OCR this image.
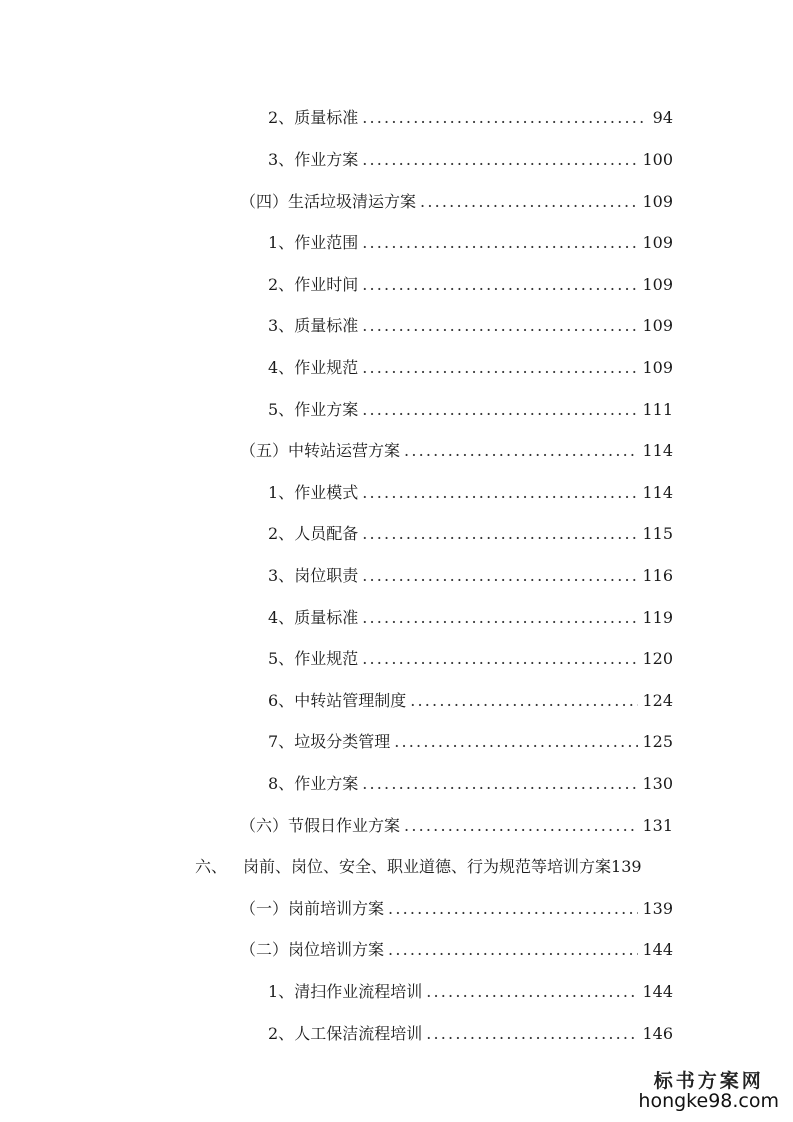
2、 质量标准 .....	94
3、 作业方案 .....	100
（四） 生活垃圾清运方案 .....	109
1、 作业范围 .....	109
2、 作业时间 .....	109
3、 质量标准 .....	109
4、 作业规范 .....	109
5、 作业方案 .....	111
（五） 中转站运营方案 .....	114
1、 作业模式 .....	114
2、 人员配备 .....	115
3、 岗位职责 .....	116
4、 质量标准 .....	119
5、 作业规范 .....	120
6、 中转站管理制度 .....	124
7、 垃圾分类管理 .....	125
8、 作业方案 .....	130
（六） 节假日作业方案 .....	131
六、 岗前、岗位、安全、职业道德、行为规范等培训方案 139
（一） 岗前培训方案 .....	139
（二） 岗位培训方案 .....	144
1、 清扫作业流程培训 .....	144
2、 人工保洁流程培训 .....	146
标书方案网
hongke98.com
